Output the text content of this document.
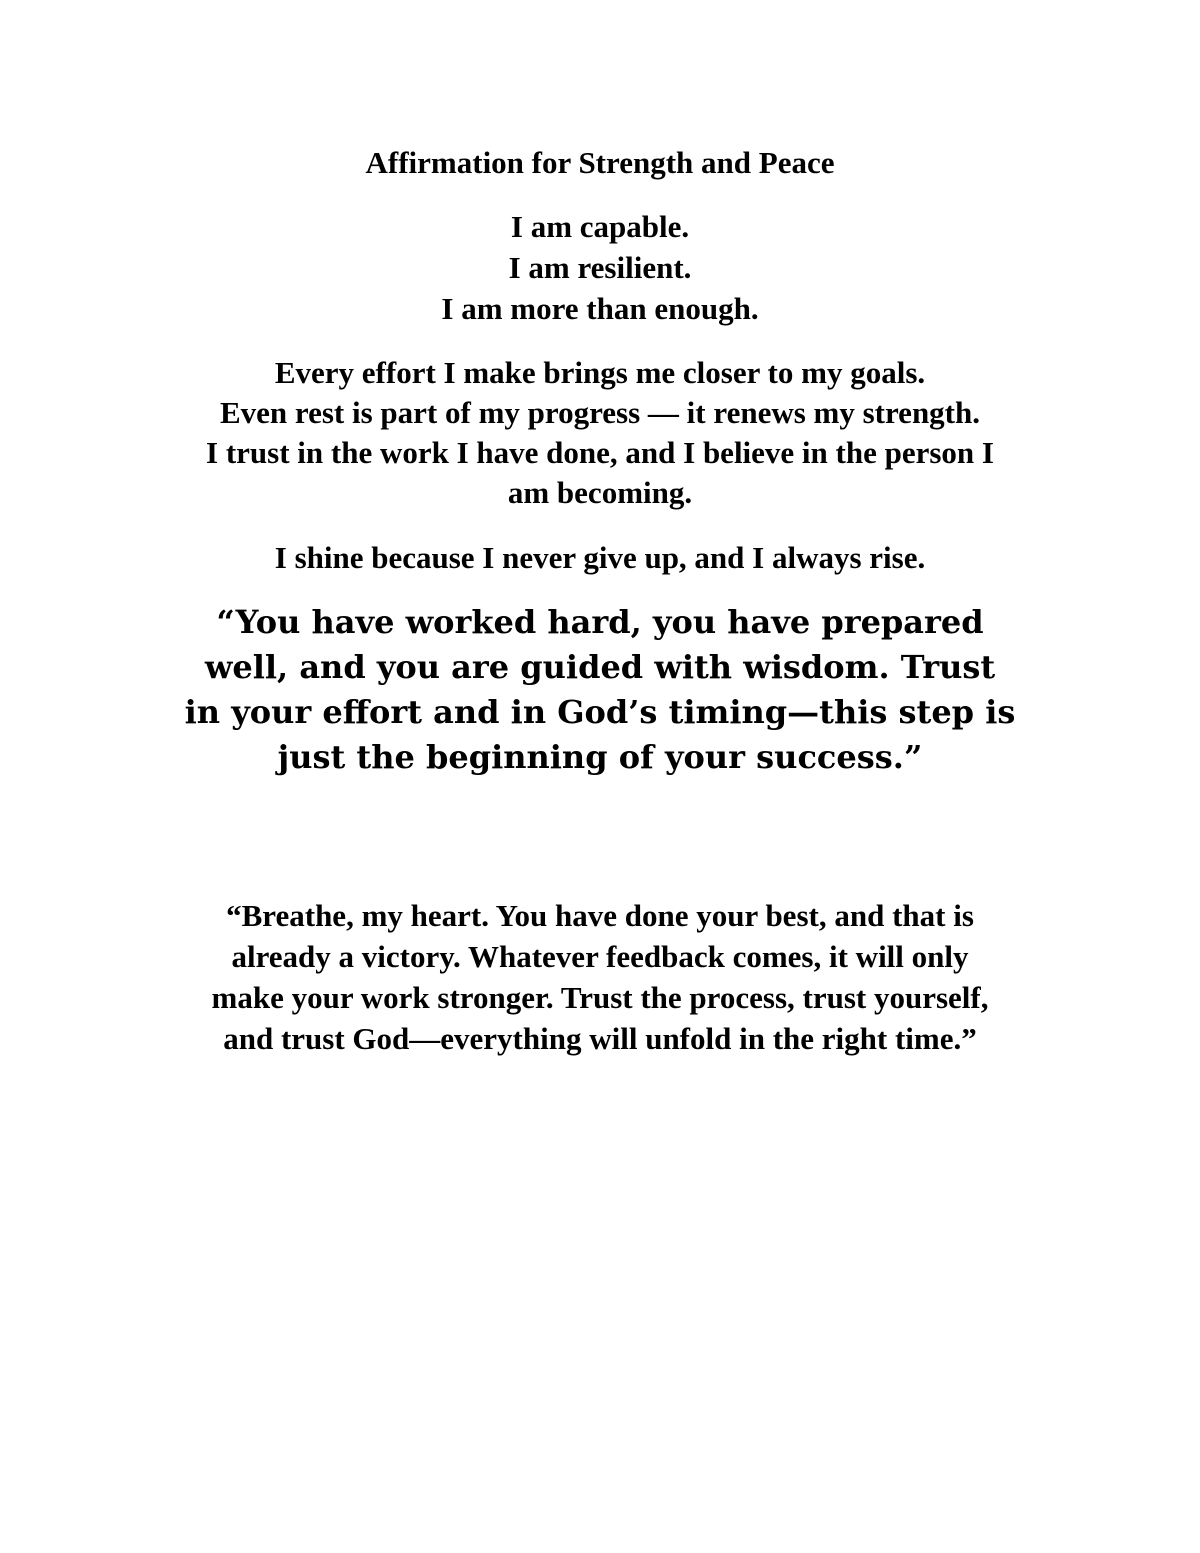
Affirmation for Strength and Peace
I am capable.
I am resilient.
I am more than enough.
Every effort I make brings me closer to my goals.
Even rest is part of my progress — it renews my strength.
I trust in the work I have done, and I believe in the person I
am becoming.
I shine because I never give up, and I always rise.
“You have worked hard, you have prepared
well, and you are guided with wisdom. Trust
in your effort and in God’s timing—this step is
just the beginning of your success.”
“Breathe, my heart. You have done your best, and that is
already a victory. Whatever feedback comes, it will only
make your work stronger. Trust the process, trust yourself,
and trust God—everything will unfold in the right time.”
